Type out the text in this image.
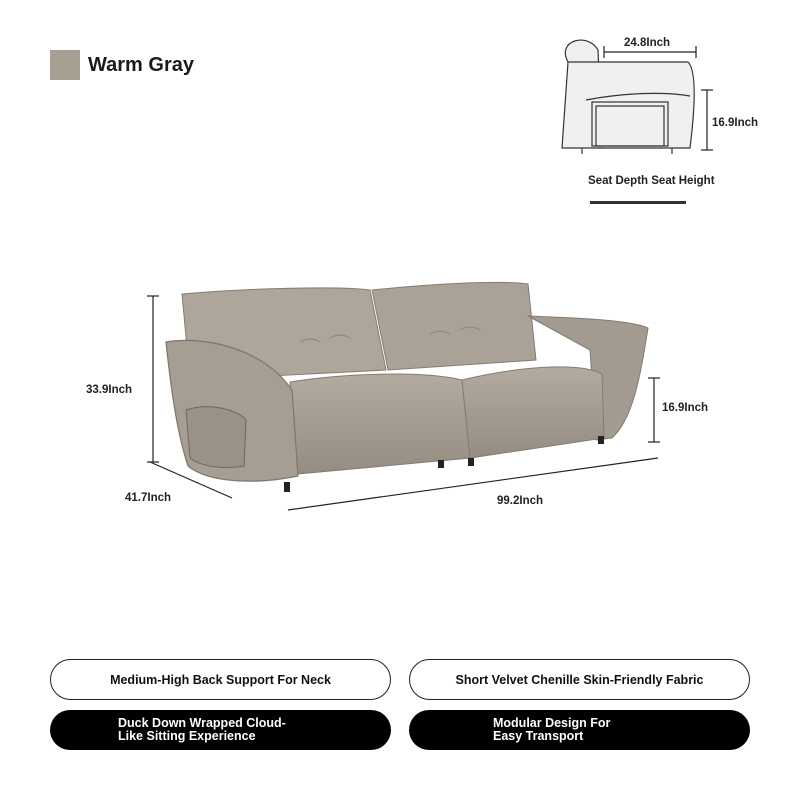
Warm Gray
24.8Inch
16.9Inch
Seat Depth Seat Height
33.9Inch
41.7Inch	99.2Inch
16.9Inch
Medium-High Back Support For Neck	Short Velvet Chenille Skin-Friendly Fabric
Duck Down Wrapped Cloud-Like Sitting Experience
Modular Design For Easy Transport
